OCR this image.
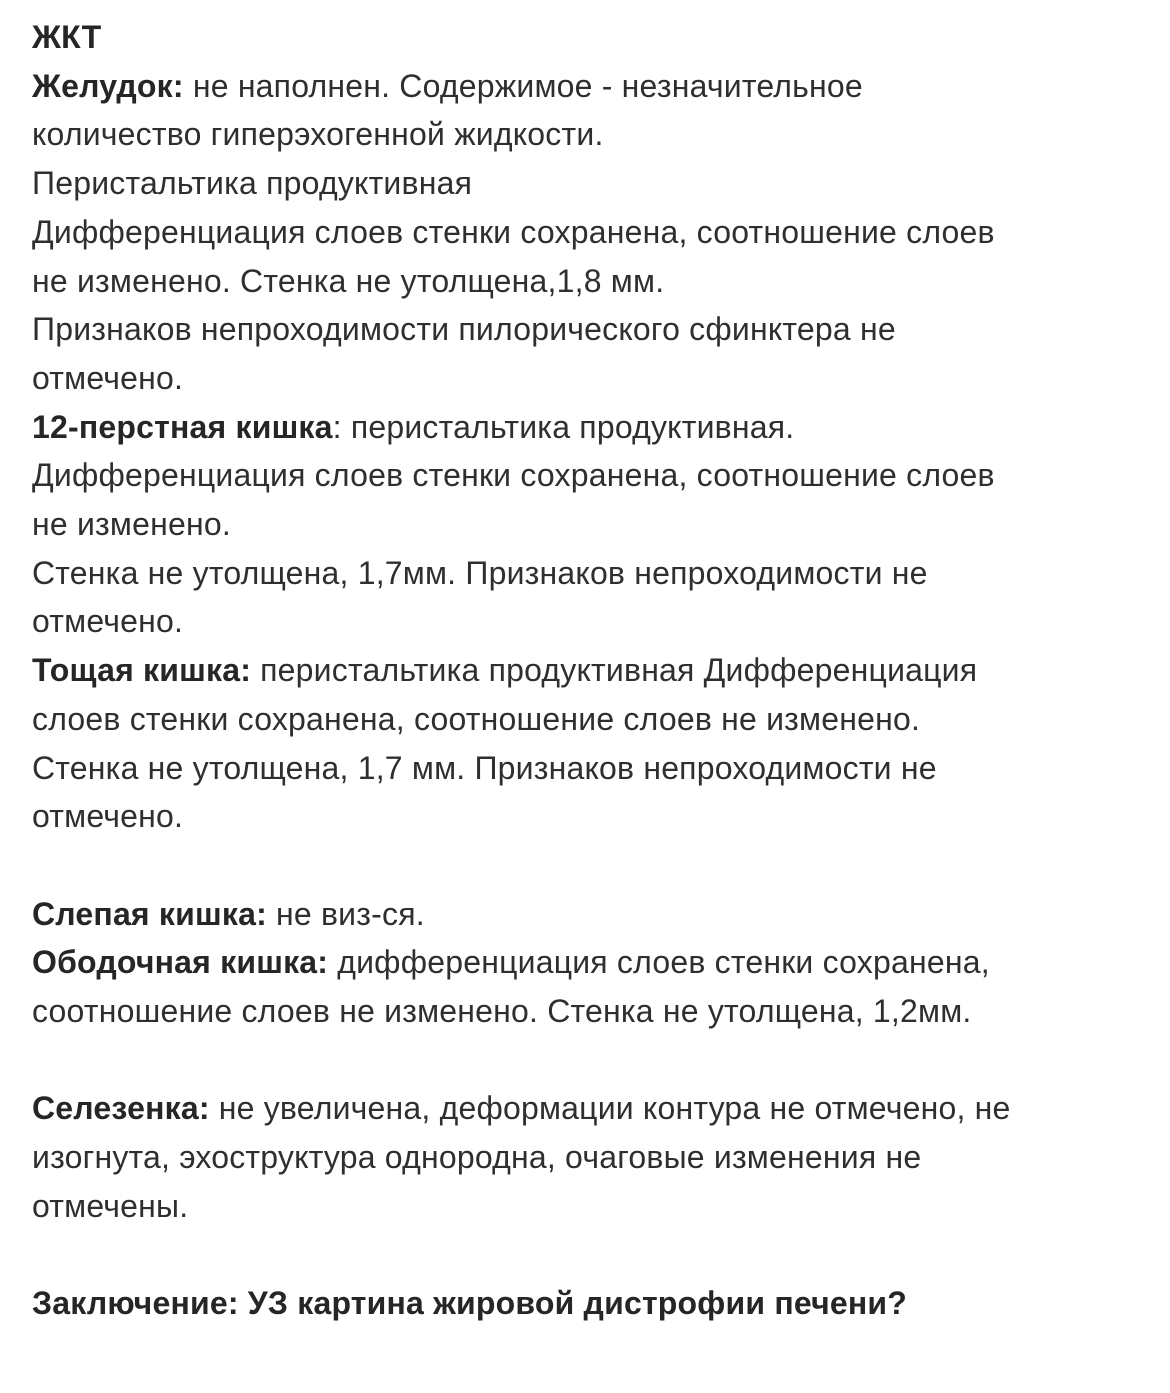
ЖКТ

Желудок: не наполнен. Содержимое - незначительное

количество гиперэхогенной жидкости.

Перистальтика продуктивная

Дифференциация слоев стенки сохранена, соотношение слоев

не изменено. Стенка не утолщена,1,8 мм.

Признаков непроходимости пилорического сфинктера не

отмечено.

12-перстная кишка: перистальтика продуктивная.

Дифференциация слоев стенки сохранена, соотношение слоев

не изменено.

Стенка не утолщена, 1,7мм. Признаков непроходимости не

отмечено.

Тощая кишка: перистальтика продуктивная Дифференциация

слоев стенки сохранена, соотношение слоев не изменено.

Стенка не утолщена, 1,7 мм. Признаков непроходимости не

отмечено.

Слепая кишка: не виз-ся.

Ободочная кишка: дифференциация слоев стенки сохранена,

соотношение слоев не изменено. Стенка не утолщена, 1,2мм.

Селезенка: не увеличена, деформации контура не отмечено, не

изогнута, эхоструктура однородна, очаговые изменения не

отмечены.

Заключение: УЗ картина жировой дистрофии печени?
